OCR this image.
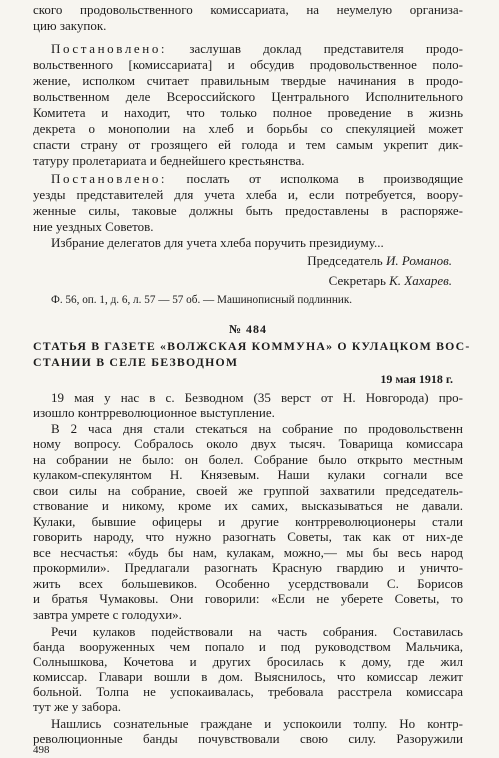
ского продовольственного комиссариата, на неумелую организа-
цию закупок.
Постановлено: заслушав доклад представителя продо-
вольственного [комиссариата] и обсудив продовольственное поло-
жение, исполком считает правильным твердые начинания в продо-
вольственном деле Всероссийского Центрального Исполнительного
Комитета и находит, что только полное проведение в жизнь
декрета о монополии на хлеб и борьбы со спекуляцией может
спасти страну от грозящего ей голода и тем самым укрепит дик-
татуру пролетариата и беднейшего крестьянства.
Постановлено: послать от исполкома в производящие
уезды представителей для учета хлеба и, если потребуется, воору-
женные силы, таковые должны быть предоставлены в распоряже-
ние уездных Советов.
Избрание делегатов для учета хлеба поручить президиуму...
Председатель И. Романов.
Секретарь К. Хахарев.
Ф. 56, оп. 1, д. 6, л. 57 — 57 об. — Машинописный подлинник.
№ 484
СТАТЬЯ В ГАЗЕТЕ «ВОЛЖСКАЯ КОММУНА» О КУЛАЦКОМ ВОС-
СТАНИИ В СЕЛЕ БЕЗВОДНОМ
19 мая 1918 г.
19 мая у нас в с. Безводном (35 верст от Н. Новгорода) про-
изошло контрреволюционное выступление.
В 2 часа дня стали стекаться на собрание по продовольственн
ному вопросу. Собралось около двух тысяч. Товарища комиссара
на собрании не было: он болел. Собрание было открыто местным
кулаком-спекулянтом Н. Князевым. Наши кулаки согнали все
свои силы на собрание, своей же группой захватили председатель-
ствование и никому, кроме их самих, высказываться не давали.
Кулаки, бывшие офицеры и другие контрреволюционеры стали
говорить народу, что нужно разогнать Советы, так как от них-де
все несчастья: «будь бы нам, кулакам, можно,— мы бы весь народ
прокормили». Предлагали разогнать Красную гвардию и уничто-
жить всех большевиков. Особенно усердствовали С. Борисов
и братья Чумаковы. Они говорили: «Если не уберете Советы, то
завтра умрете с голодухи».
Речи кулаков подействовали на часть собрания. Составилась
банда вооруженных чем попало и под руководством Мальчика,
Солнышкова, Кочетова и других бросилась к дому, где жил
комиссар. Главари вошли в дом. Выяснилось, что комиссар лежит
больной. Толпа не успокаивалась, требовала расстрела комиссара
тут же у забора.
498
Нашлись сознательные граждане и успокоили толпу. Но контр-
революционные банды почувствовали свою силу. Разоружили
